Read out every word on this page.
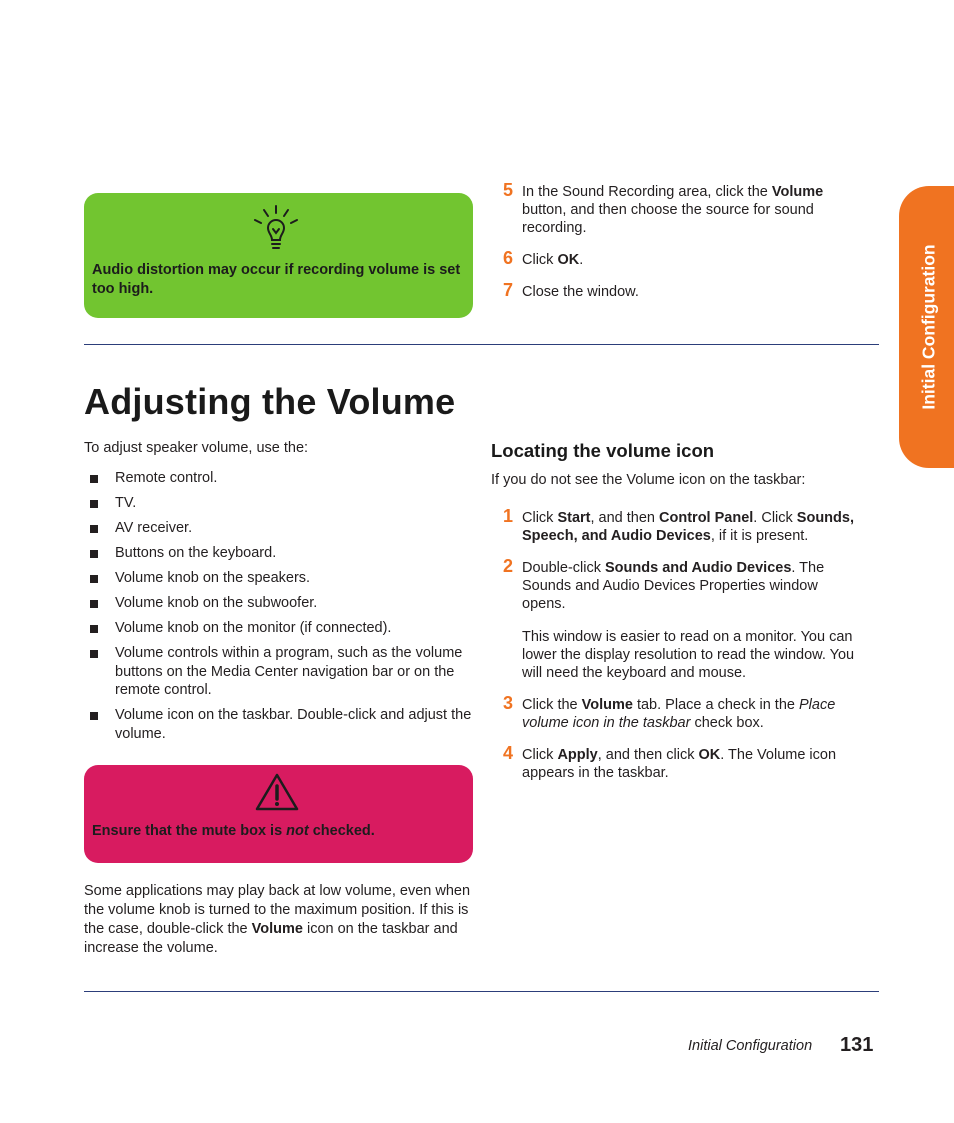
Audio distortion may occur if recording volume is set too high.
5 In the Sound Recording area, click the Volume button, and then choose the source for sound recording.
6 Click OK.
7 Close the window.
Adjusting the Volume
To adjust speaker volume, use the:
Remote control.
TV.
AV receiver.
Buttons on the keyboard.
Volume knob on the speakers.
Volume knob on the subwoofer.
Volume knob on the monitor (if connected).
Volume controls within a program, such as the volume buttons on the Media Center navigation bar or on the remote control.
Volume icon on the taskbar. Double-click and adjust the volume.
Ensure that the mute box is not checked.
Some applications may play back at low volume, even when the volume knob is turned to the maximum position. If this is the case, double-click the Volume icon on the taskbar and increase the volume.
Locating the volume icon
If you do not see the Volume icon on the taskbar:
1 Click Start, and then Control Panel. Click Sounds, Speech, and Audio Devices, if it is present.
2 Double-click Sounds and Audio Devices. The Sounds and Audio Devices Properties window opens.
This window is easier to read on a monitor. You can lower the display resolution to read the window. You will need the keyboard and mouse.
3 Click the Volume tab. Place a check in the Place volume icon in the taskbar check box.
4 Click Apply, and then click OK. The Volume icon appears in the taskbar.
Initial Configuration
Initial Configuration 131
